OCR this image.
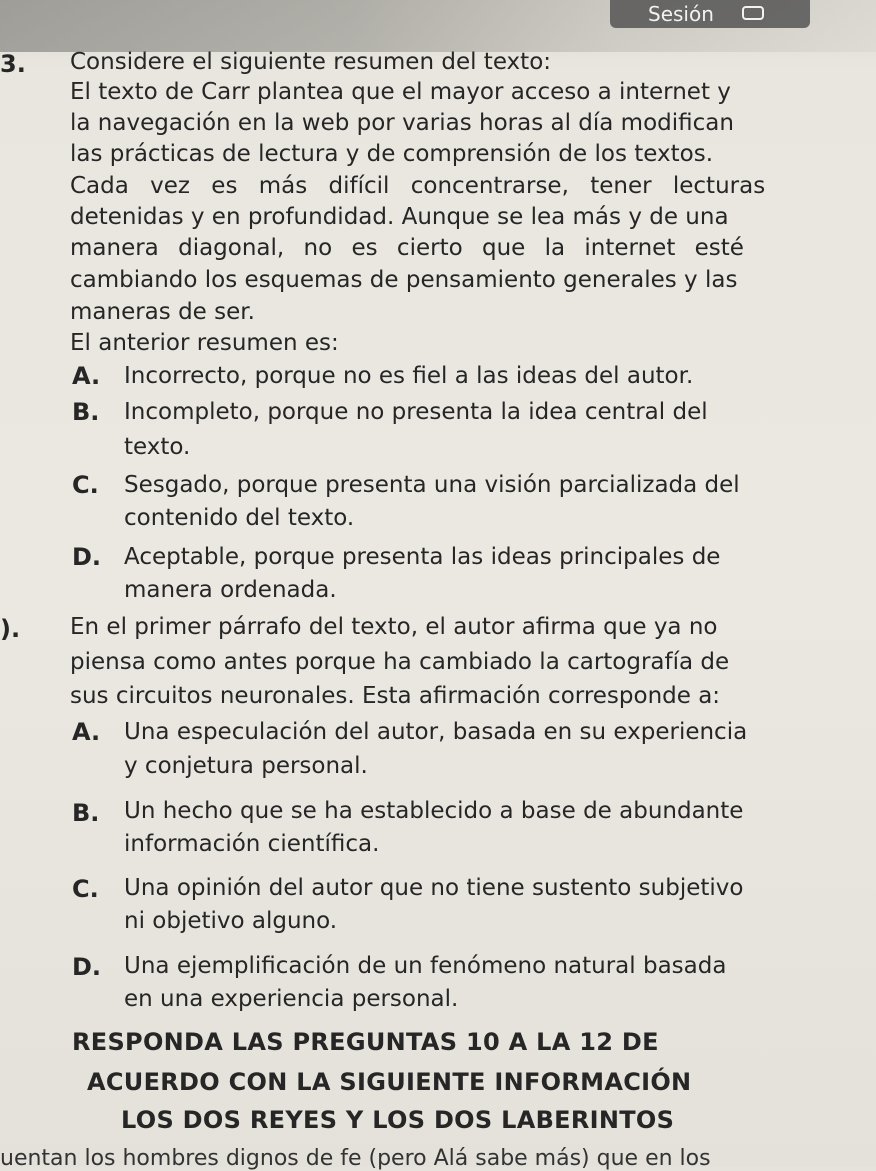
Sesión
3. Considere el siguiente resumen del texto:
El texto de Carr plantea que el mayor acceso a internet y
la navegación en la web por varias horas al día modifican
las prácticas de lectura y de comprensión de los textos.
Cada vez es más difícil concentrarse, tener lecturas
detenidas y en profundidad. Aunque se lea más y de una
manera diagonal, no es cierto que la internet esté
cambiando los esquemas de pensamiento generales y las
maneras de ser.
El anterior resumen es:
A. Incorrecto, porque no es fiel a las ideas del autor.
B. Incompleto, porque no presenta la idea central del
texto.
C. Sesgado, porque presenta una visión parcializada del
contenido del texto.
D. Aceptable, porque presenta las ideas principales de
manera ordenada.
). En el primer párrafo del texto, el autor afirma que ya no
piensa como antes porque ha cambiado la cartografía de
sus circuitos neuronales. Esta afirmación corresponde a:
A. Una especulación del autor, basada en su experiencia
y conjetura personal.
B. Un hecho que se ha establecido a base de abundante
información científica.
C. Una opinión del autor que no tiene sustento subjetivo
ni objetivo alguno.
D. Una ejemplificación de un fenómeno natural basada
en una experiencia personal.
RESPONDA LAS PREGUNTAS 10 A LA 12 DE
ACUERDO CON LA SIGUIENTE INFORMACIÓN
LOS DOS REYES Y LOS DOS LABERINTOS
uentan los hombres dignos de fe (pero Alá sabe más) que en los
